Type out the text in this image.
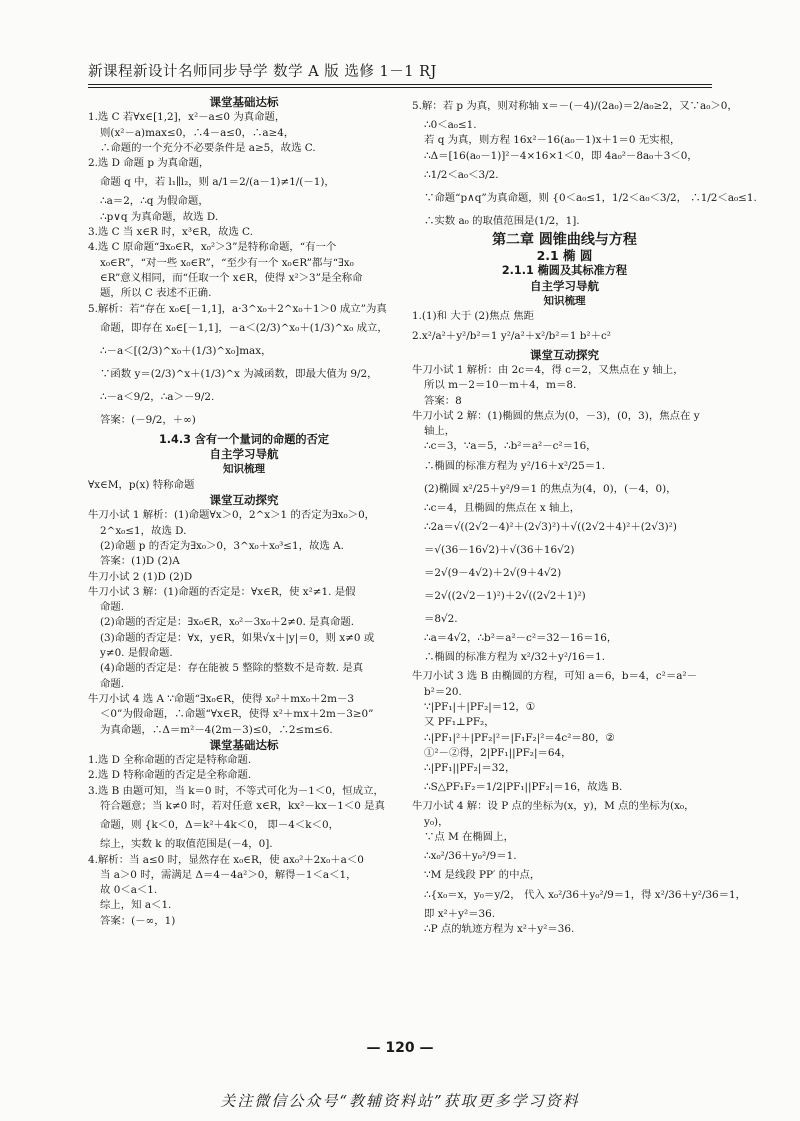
新课程新设计名师同步导学 数学 A 版 选修 1－1 RJ

课堂基础达标

1.选 C 若∀x∈[1,2]，x²－a≤0 为真命题，

则(x²－a)max≤0，∴4－a≤0，∴a≥4，

∴命题的一个充分不必要条件是 a≥5，故选 C.

2.选 D 命题 p 为真命题，

命题 q 中，若 l₁∥l₂，则 a/1＝2/(a－1)≠1/(－1)，

∴a＝2，∴q 为假命题，

∴p∨q 为真命题，故选 D.

3.选 C 当 x∈R 时，x³∈R，故选 C.

4.选 C 原命题“∃x₀∈R，x₀²＞3”是特称命题，“有一个

x₀∈R”，“对一些 x₀∈R”，“至少有一个 x₀∈R”都与“∃x₀

∈R”意义相同，而“任取一个 x∈R，使得 x²＞3”是全称命

题，所以 C 表述不正确.

5.解析：若“存在 x₀∈[－1,1]，a·3^x₀＋2^x₀＋1＞0 成立”为真

命题，即存在 x₀∈[－1,1]，－a＜(2/3)^x₀＋(1/3)^x₀ 成立，

∴－a＜[(2/3)^x₀＋(1/3)^x₀]max，

∵函数 y＝(2/3)^x＋(1/3)^x 为减函数，即最大值为 9/2，

∴－a＜9/2，∴a＞－9/2.

答案：(－9/2，＋∞)

1.4.3 含有一个量词的命题的否定

自主学习导航

知识梳理

∀x∈M，p(x) 特称命题

课堂互动探究

牛刀小试 1 解析：(1)命题∀x＞0，2^x＞1 的否定为∃x₀＞0，

2^x₀≤1，故选 D.

(2)命题 p 的否定为∃x₀＞0，3^x₀＋x₀³≤1，故选 A.

答案：(1)D (2)A

牛刀小试 2 (1)D (2)D

牛刀小试 3 解：(1)命题的否定是：∀x∈R，使 x²≠1. 是假

命题.

(2)命题的否定是：∃x₀∈R，x₀²－3x₀＋2≠0. 是真命题.

(3)命题的否定是：∀x，y∈R，如果√x＋|y|＝0，则 x≠0 或

y≠0. 是假命题.

(4)命题的否定是：存在能被 5 整除的整数不是奇数. 是真

命题.

牛刀小试 4 选 A ∵命题“∃x₀∈R，使得 x₀²＋mx₀＋2m－3

＜0”为假命题，∴命题“∀x∈R，使得 x²＋mx＋2m－3≥0”

为真命题，∴Δ＝m²－4(2m－3)≤0，∴2≤m≤6.

课堂基础达标

1.选 D 全称命题的否定是特称命题.

2.选 D 特称命题的否定是全称命题.

3.选 B 由题可知，当 k＝0 时，不等式可化为－1＜0，恒成立，

符合题意；当 k≠0 时，若对任意 x∈R，kx²－kx－1＜0 是真

命题，则 {k＜0，Δ＝k²＋4k＜0， 即－4＜k＜0，

综上，实数 k 的取值范围是(－4，0].

4.解析：当 a≤0 时，显然存在 x₀∈R，使 ax₀²＋2x₀＋a＜0

当 a＞0 时，需满足 Δ＝4－4a²＞0，解得－1＜a＜1，

故 0＜a＜1.

综上，知 a＜1.

答案：(－∞，1)

5.解：若 p 为真，则对称轴 x＝－(－4)/(2a₀)＝2/a₀≥2，又∵a₀＞0，

∴0＜a₀≤1.

若 q 为真，则方程 16x²－16(a₀－1)x＋1＝0 无实根，

∴Δ＝[16(a₀－1)]²－4×16×1＜0，即 4a₀²－8a₀＋3＜0，

∴1/2＜a₀＜3/2.

∵命题“p∧q”为真命题，则 {0＜a₀≤1，1/2＜a₀＜3/2， ∴1/2＜a₀≤1.

∴实数 a₀ 的取值范围是(1/2，1].

第二章 圆锥曲线与方程

2.1 椭 圆

2.1.1 椭圆及其标准方程

自主学习导航

知识梳理

1.(1)和 大于 (2)焦点 焦距

2.x²/a²＋y²/b²＝1 y²/a²＋x²/b²＝1 b²＋c²

课堂互动探究

牛刀小试 1 解析：由 2c＝4，得 c＝2，又焦点在 y 轴上，

所以 m－2＝10－m＋4，m＝8.

答案：8

牛刀小试 2 解：(1)椭圆的焦点为(0，－3)，(0，3)，焦点在 y

轴上，

∴c＝3，∵a＝5，∴b²＝a²－c²＝16，

∴椭圆的标准方程为 y²/16＋x²/25＝1.

(2)椭圆 x²/25＋y²/9＝1 的焦点为(4，0)，(－4，0)，

∴c＝4，且椭圆的焦点在 x 轴上，

∴2a＝√((2√2－4)²＋(2√3)²)＋√((2√2＋4)²＋(2√3)²)

＝√(36－16√2)＋√(36＋16√2)

＝2√(9－4√2)＋2√(9＋4√2)

＝2√((2√2－1)²)＋2√((2√2＋1)²)

＝8√2.

∴a＝4√2，∴b²＝a²－c²＝32－16＝16，

∴椭圆的标准方程为 x²/32＋y²/16＝1.

牛刀小试 3 选 B 由椭圆的方程，可知 a＝6，b＝4，c²＝a²－

b²＝20.

∵|PF₁|＋|PF₂|＝12，①

又 PF₁⊥PF₂，

∴|PF₁|²＋|PF₂|²＝|F₁F₂|²＝4c²＝80，②

①²－②得，2|PF₁||PF₂|＝64，

∴|PF₁||PF₂|＝32，

∴S△PF₁F₂＝1/2|PF₁||PF₂|＝16，故选 B.

牛刀小试 4 解：设 P 点的坐标为(x，y)，M 点的坐标为(x₀，

y₀)，

∵点 M 在椭圆上，

∴x₀²/36＋y₀²/9＝1.

∵M 是线段 PP′ 的中点，

∴{x₀＝x，y₀＝y/2， 代入 x₀²/36＋y₀²/9＝1，得 x²/36＋y²/36＝1，

即 x²＋y²＝36.

∴P 点的轨迹方程为 x²＋y²＝36.

— 120 —
关注微信公众号“教辅资料站”获取更多学习资料
